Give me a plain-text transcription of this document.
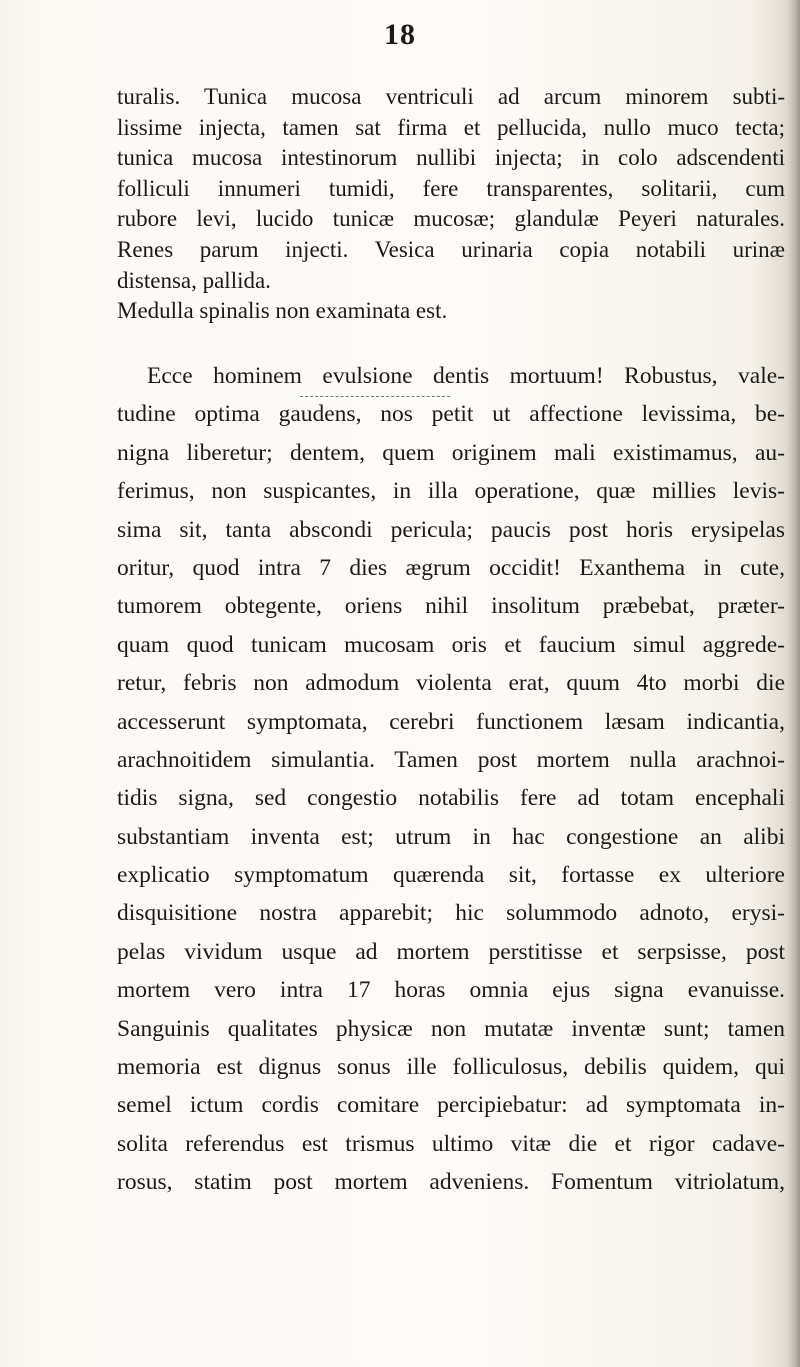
18
turalis. Tunica mucosa ventriculi ad arcum minorem subti-
lissime injecta, tamen sat firma et pellucida, nullo muco tecta;
tunica mucosa intestinorum nullibi injecta; in colo adscendenti
folliculi innumeri tumidi, fere transparentes, solitarii, cum
rubore levi, lucido tunicæ mucosæ; glandulæ Peyeri naturales.
Renes parum injecti. Vesica urinaria copia notabili urinæ
distensa, pallida.
Medulla spinalis non examinata est.
Ecce hominem evulsione dentis mortuum! Robustus, vale-
tudine optima gaudens, nos petit ut affectione levissima, be-
nigna liberetur; dentem, quem originem mali existimamus, au-
ferimus, non suspicantes, in illa operatione, quæ millies levis-
sima sit, tanta abscondi pericula; paucis post horis erysipelas
oritur, quod intra 7 dies ægrum occidit! Exanthema in cute,
tumorem obtegente, oriens nihil insolitum præbebat, præter-
quam quod tunicam mucosam oris et faucium simul aggrede-
retur, febris non admodum violenta erat, quum 4to morbi die
accesserunt symptomata, cerebri functionem læsam indicantia,
arachnoitidem simulantia. Tamen post mortem nulla arachnoi-
tidis signa, sed congestio notabilis fere ad totam encephali
substantiam inventa est; utrum in hac congestione an alibi
explicatio symptomatum quærenda sit, fortasse ex ulteriore
disquisitione nostra apparebit; hic solummodo adnoto, erysi-
pelas vividum usque ad mortem perstitisse et serpsisse, post
mortem vero intra 17 horas omnia ejus signa evanuisse.
Sanguinis qualitates physicæ non mutatæ inventæ sunt; tamen
memoria est dignus sonus ille folliculosus, debilis quidem, qui
semel ictum cordis comitare percipiebatur: ad symptomata in-
solita referendus est trismus ultimo vitæ die et rigor cadave-
rosus, statim post mortem adveniens. Fomentum vitriolatum,
